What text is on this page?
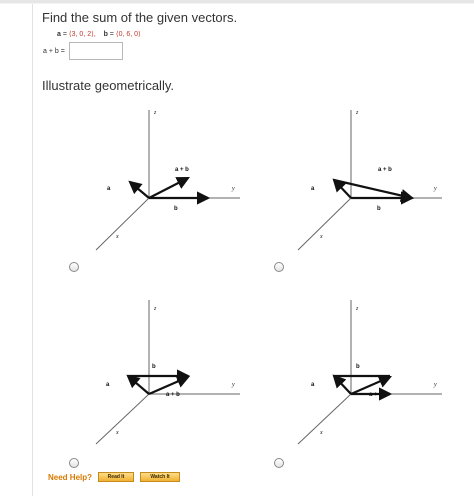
Find the sum of the given vectors.
a = ⟨3, 0, 2⟩, b = ⟨0, 6, 0⟩
a + b =
Illustrate geometrically.
z
y
x
a
b
a + b
z
y
x
a
b
a + b
z
y
x
a
b
a + b
z
y
x
a
b
a + b
Need Help?	Read It	Watch It
